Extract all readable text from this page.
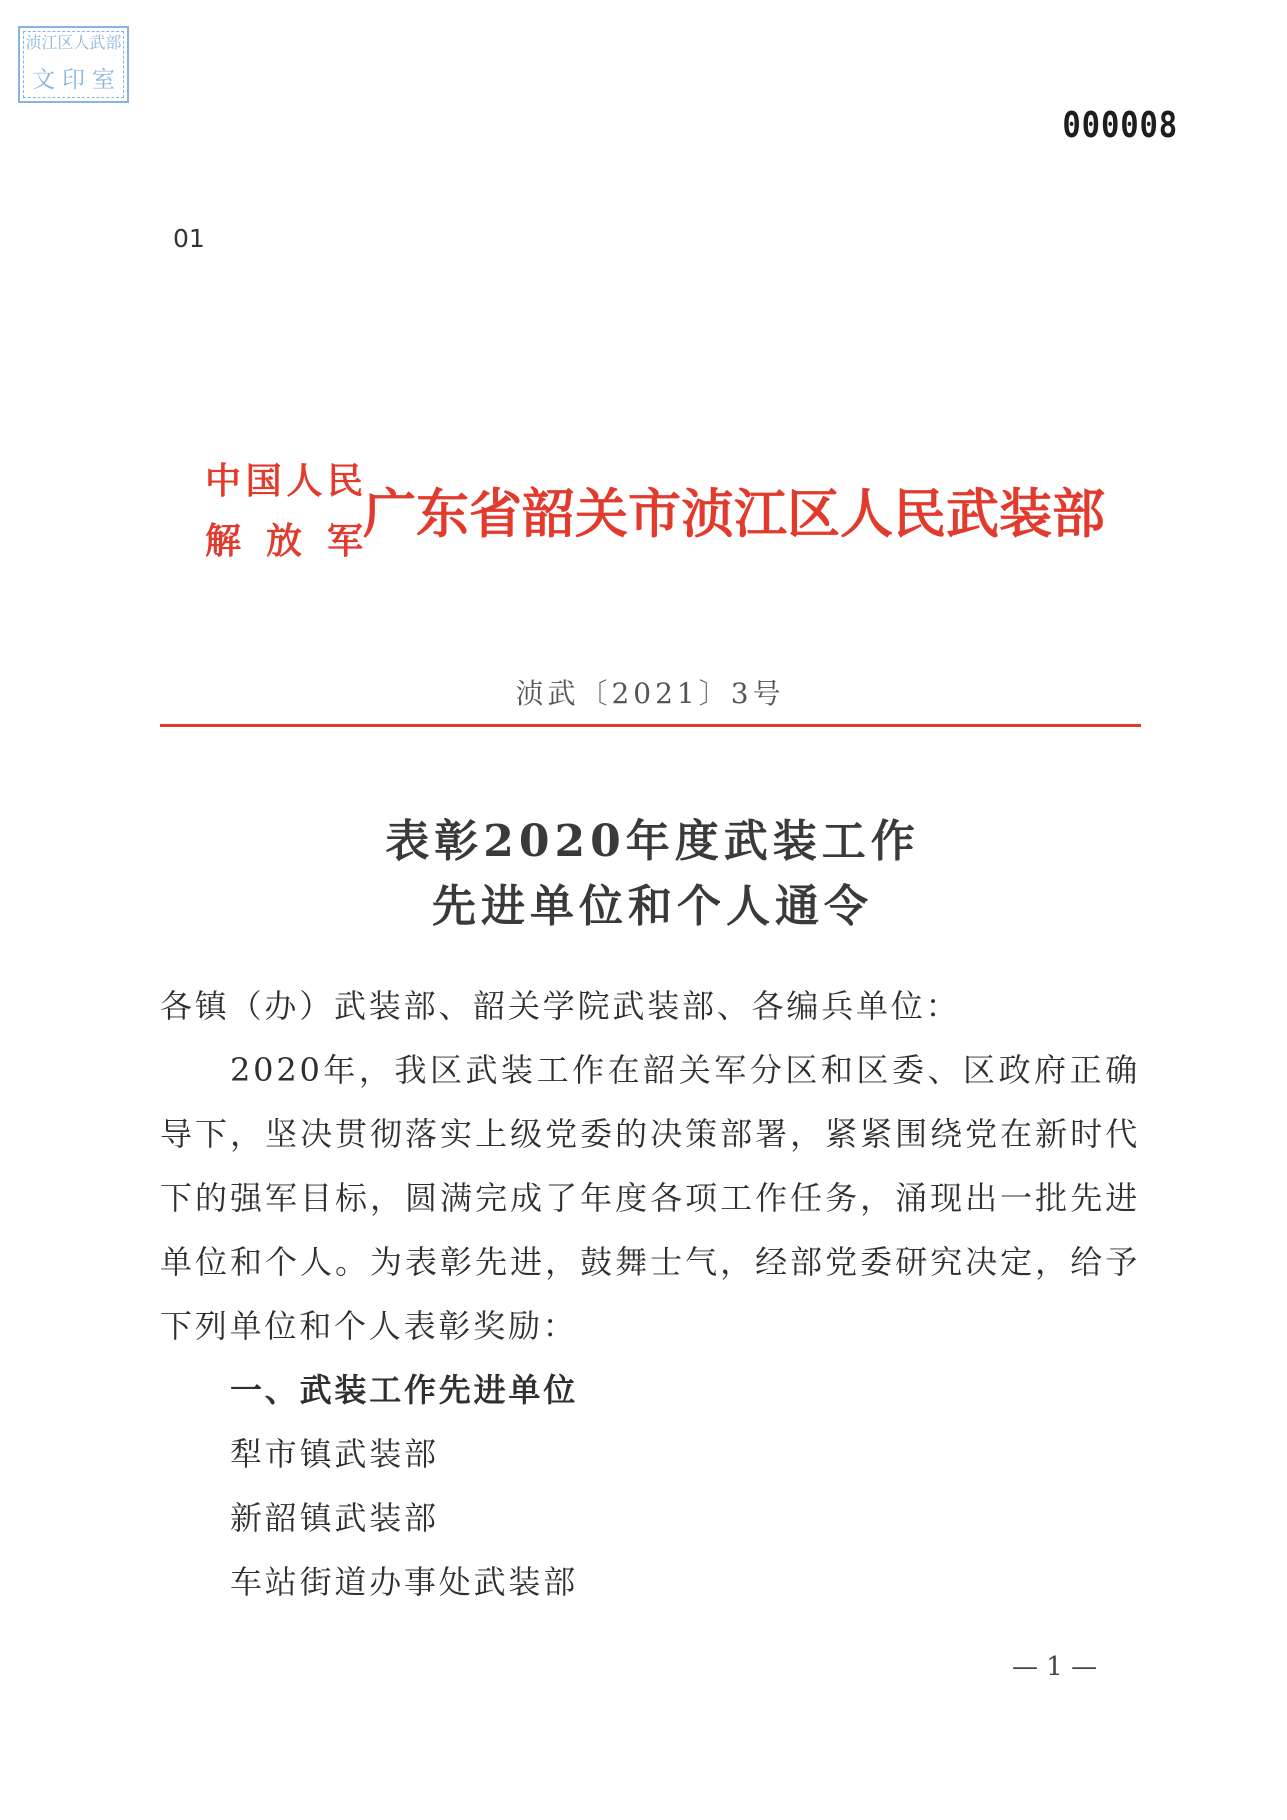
浈江区人武部
文印室
000008
01
中国人民
解 放 军 广东省韶关市浈江区人民武装部
浈武〔2021〕3号
表彰2020年度武装工作
先进单位和个人通令
各镇（办）武装部、韶关学院武装部、各编兵单位：
2020年，我区武装工作在韶关军分区和区委、区政府正确
导下，坚决贯彻落实上级党委的决策部署，紧紧围绕党在新时代
下的强军目标，圆满完成了年度各项工作任务，涌现出一批先进
单位和个人。为表彰先进，鼓舞士气，经部党委研究决定，给予
下列单位和个人表彰奖励：
一、武装工作先进单位
犁市镇武装部
新韶镇武装部
车站街道办事处武装部
— 1 —
